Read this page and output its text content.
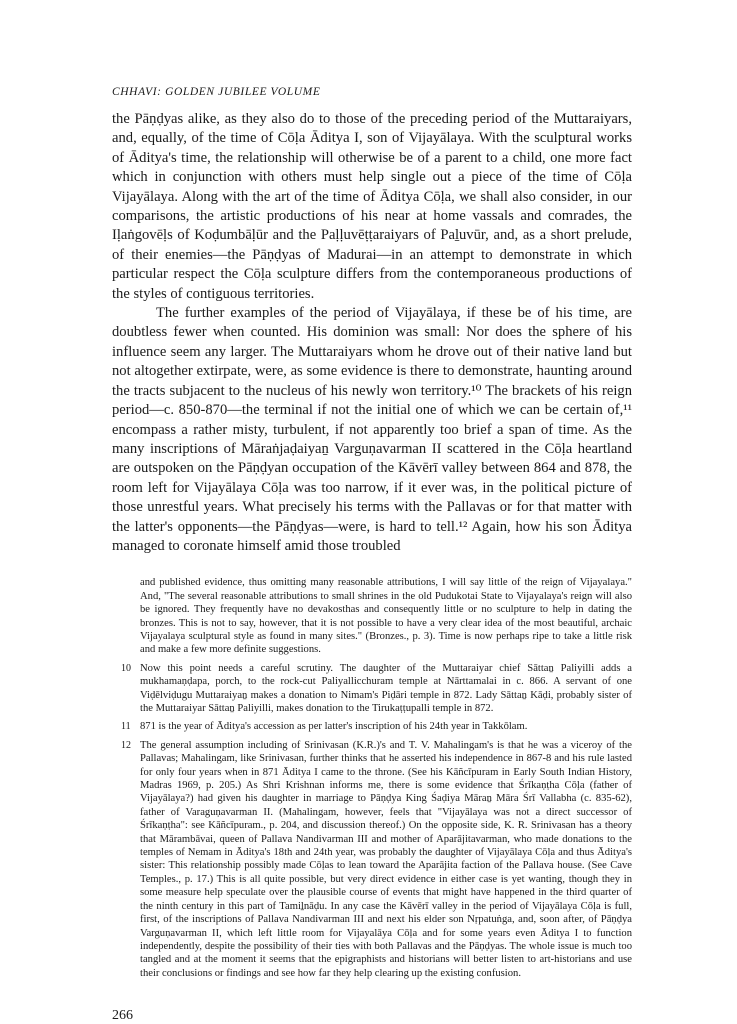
CHHAVI: GOLDEN JUBILEE VOLUME

the Pāṇḍyas alike, as they also do to those of the preceding period of the Muttaraiyars, and, equally, of the time of Cōḷa Āditya I, son of Vijayālaya. With the sculptural works of Āditya's time, the relationship will otherwise be of a parent to a child, one more fact which in conjunction with others must help single out a piece of the time of Cōḷa Vijayālaya. Along with the art of the time of Āditya Cōḷa, we shall also consider, in our comparisons, the artistic productions of his near at home vassals and comrades, the Iḷaṅgovēḷs of Koḍumbāḷūr and the Paḷḷuvēṭṭaraiyars of Paḻuvūr, and, as a short prelude, of their enemies—the Pāṇḍyas of Madurai—in an attempt to demonstrate in which particular respect the Cōḷa sculpture differs from the contemporaneous productions of the styles of contiguous territories.

The further examples of the period of Vijayālaya, if these be of his time, are doubtless fewer when counted. His dominion was small: Nor does the sphere of his influence seem any larger. The Muttaraiyars whom he drove out of their native land but not altogether extirpate, were, as some evidence is there to demonstrate, haunting around the tracts subjacent to the nucleus of his newly won territory.¹⁰ The brackets of his reign period—c. 850-870—the terminal if not the initial one of which we can be certain of,¹¹ encompass a rather misty, turbulent, if not apparently too brief a span of time. As the many inscriptions of Māraṅjaḍaiyaṉ Varguṇavarman II scattered in the Cōḷa heartland are outspoken on the Pāṇḍyan occupation of the Kāvērī valley between 864 and 878, the room left for Vijayālaya Cōḷa was too narrow, if it ever was, in the political picture of those unrestful years. What precisely his terms with the Pallavas or for that matter with the latter's opponents—the Pāṇḍyas—were, is hard to tell.¹² Again, how his son Āditya managed to coronate himself amid those troubled

and published evidence, thus omitting many reasonable attributions, I will say little of the reign of Vijayalaya." And, "The several reasonable attributions to small shrines in the old Pudukotai State to Vijayalaya's reign will also be ignored. They frequently have no devakosthas and consequently little or no sculpture to help in dating the bronzes. This is not to say, however, that it is not possible to have a very clear idea of the most beautiful, archaic Vijayalaya sculptural style as found in many sites." (Bronzes., p. 3). Time is now perhaps ripe to take a little risk and make a few more definite suggestions.

10 Now this point needs a careful scrutiny. The daughter of the Muttaraiyar chief Sāttaṉ Paliyilli adds a mukhamaṇḍapa, porch, to the rock-cut Paliyallicchuram temple at Nārttamalai in c. 866. A servant of one Viḍēlviḍugu Muttaraiyaṉ makes a donation to Nimam's Piḍāri temple in 872. Lady Sāttaṉ Kāḍi, probably sister of the Muttaraiyar Sāttaṉ Paliyilli, makes donation to the Tirukaṭṭupalli temple in 872.

11 871 is the year of Āditya's accession as per latter's inscription of his 24th year in Takkōlam.

12 The general assumption including of Srinivasan (K.R.)'s and T. V. Mahalingam's is that he was a viceroy of the Pallavas; Mahalingam, like Srinivasan, further thinks that he asserted his independence in 867-8 and his rule lasted for only four years when in 871 Āditya I came to the throne. (See his Kāñcīpuram in Early South Indian History, Madras 1969, p. 205.) As Shri Krishnan informs me, there is some evidence that Śrīkaṇṭha Cōḷa (father of Vijayālaya?) had given his daughter in marriage to Pāṇḍya King Śaḍiya Māraṉ Māra Śrī Vallabha (c. 835-62), father of Varaguṇavarman II. (Mahalingam, however, feels that "Vijayālaya was not a direct successor of Śrīkaṇṭha": see Kāñcīpuram., p. 204, and discussion thereof.) On the opposite side, K. R. Srinivasan has a theory that Mārambāvai, queen of Pallava Nandivarman III and mother of Aparājitavarman, who made donations to the temples of Nemam in Āditya's 18th and 24th year, was probably the daughter of Vijayālaya Cōḷa and thus Āditya's sister: This relationship possibly made Cōḷas to lean toward the Aparājita faction of the Pallava house. (See Cave Temples., p. 17.) This is all quite possible, but very direct evidence in either case is yet wanting, though they in some measure help speculate over the plausible course of events that might have happened in the third quarter of the ninth century in this part of Tamiḻnāḍu. In any case the Kāvērī valley in the period of Vijayālaya Cōḷa is full, first, of the inscriptions of Pallava Nandivarman III and next his elder son Nṛpatuṅga, and, soon after, of Pāṇḍya Varguṇavarman II, which left little room for Vijayalāya Cōḷa and for some years even Āditya I to function independently, despite the possibility of their ties with both Pallavas and the Pāṇḍyas. The whole issue is much too tangled and at the moment it seems that the epigraphists and historians will better listen to art-historians and use their conclusions or findings and see how far they help clearing up the existing confusion.

266
